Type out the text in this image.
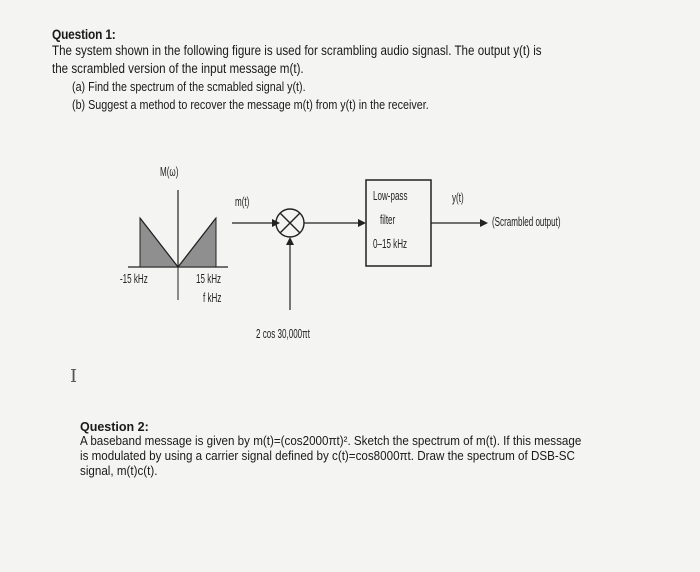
Question 1:
The system shown in the following figure is used for scrambling audio signasl. The output y(t) is
the scrambled version of the input message m(t).
(a) Find the spectrum of the scmabled signal y(t).
(b) Suggest a method to recover the message m(t) from y(t) in the receiver.
M(ω)
-15 kHz	15 kHz
f kHz
m(t)
2 cos 30,000πt
Low-pass
filter
0–15 kHz
y(t)
(Scrambled output)
I
Question 2:
A baseband message is given by m(t)=(cos2000πt)². Sketch the spectrum of m(t). If this message
is modulated by using a carrier signal defined by c(t)=cos8000πt. Draw the spectrum of DSB-SC
signal, m(t)c(t).
